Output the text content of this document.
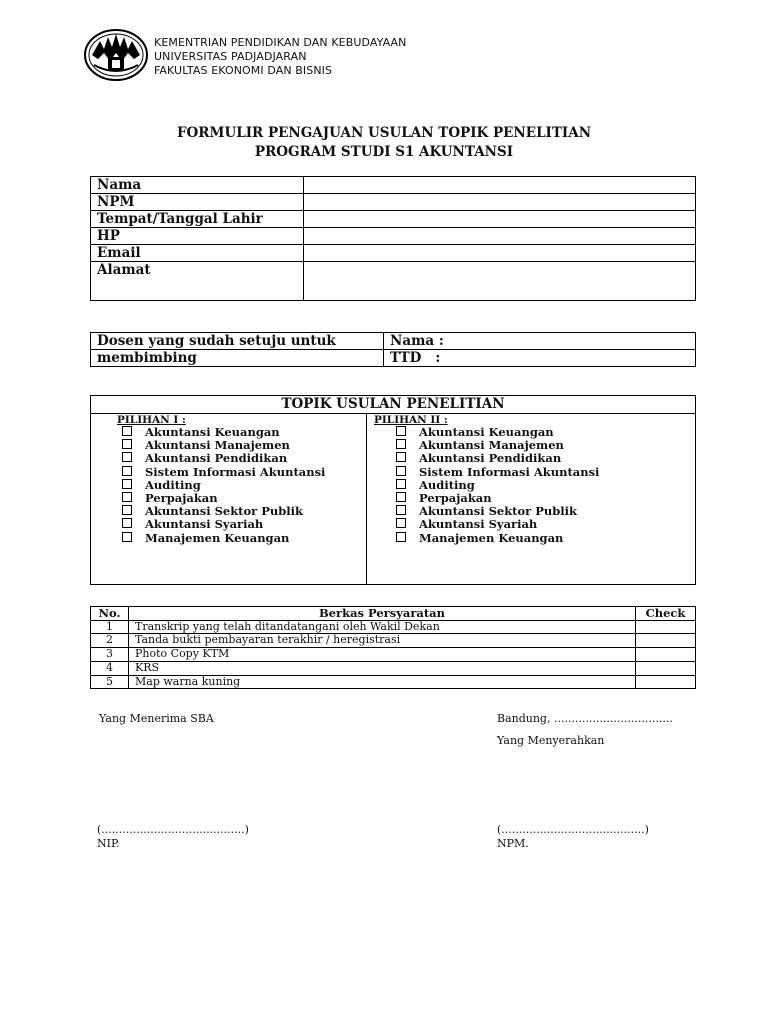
KEMENTRIAN PENDIDIKAN DAN KEBUDAYAAN
UNIVERSITAS PADJADJARAN
FAKULTAS EKONOMI DAN BISNIS
FORMULIR PENGAJUAN USULAN TOPIK PENELITIAN
PROGRAM STUDI S1 AKUNTANSI
Nama	
NPM	
Tempat/Tanggal Lahir	
HP	
Email	
Alamat	
Dosen yang sudah setuju untuk	Nama :
membimbing	TTD   :
TOPIK USULAN PENELITIAN
PILIHAN I :
Akuntansi Keuangan
Akuntansi Manajemen
Akuntansi Pendidikan
Sistem Informasi Akuntansi
Auditing
Perpajakan
Akuntansi Sektor Publik
Akuntansi Syariah
Manajemen Keuangan
PILIHAN II :
Akuntansi Keuangan
Akuntansi Manajemen
Akuntansi Pendidikan
Sistem Informasi Akuntansi
Auditing
Perpajakan
Akuntansi Sektor Publik
Akuntansi Syariah
Manajemen Keuangan
No.	Berkas Persyaratan	Check
1	Transkrip yang telah ditandatangani oleh Wakil Dekan	
2	Tanda bukti pembayaran terakhir / heregistrasi	
3	Photo Copy KTM	
4	KRS	
5	Map warna kuning	
Yang Menerima SBA	Bandung, ..................................
Yang Menyerahkan
(.........................................)
NIP.
(.........................................)
NPM.
